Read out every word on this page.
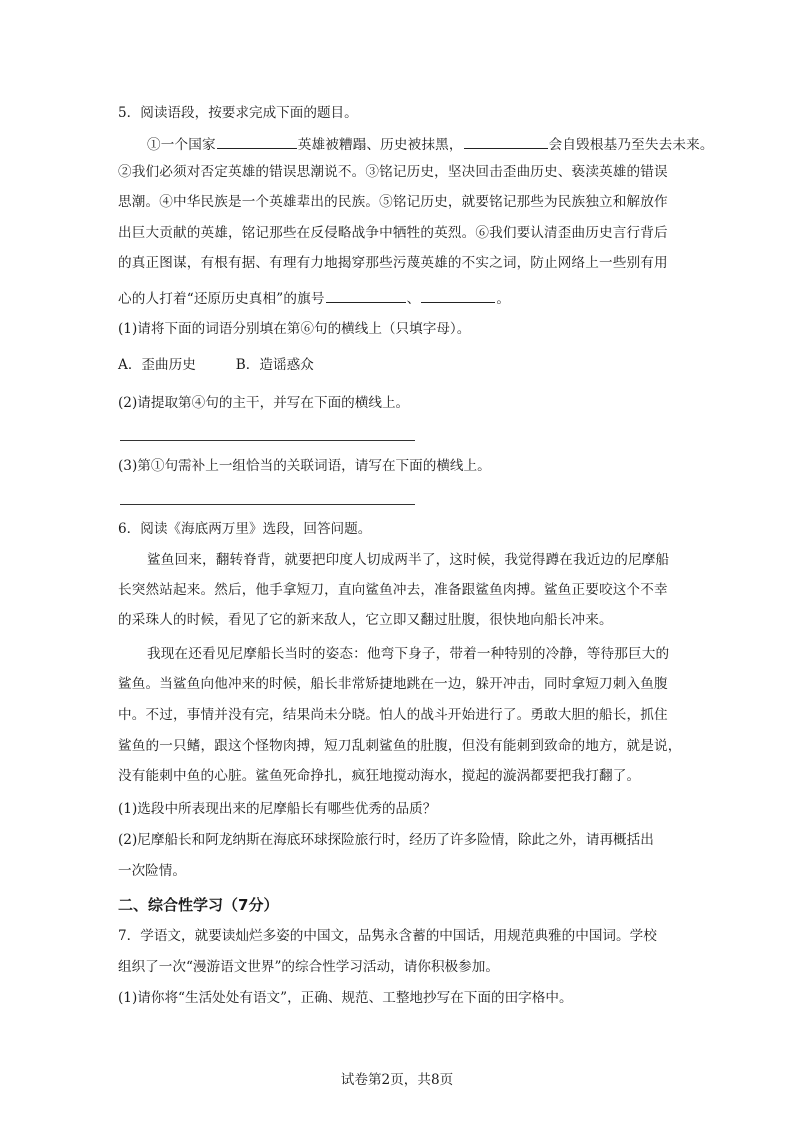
5．阅读语段，按要求完成下面的题目。
①一个国家	英雄被糟蹋、历史被抹黑，	会自毁根基乃至失去未来。
②我们必须对否定英雄的错误思潮说不。③铭记历史，坚决回击歪曲历史、亵渎英雄的错误
思潮。④中华民族是一个英雄辈出的民族。⑤铭记历史，就要铭记那些为民族独立和解放作
出巨大贡献的英雄，铭记那些在反侵略战争中牺牲的英烈。⑥我们要认清歪曲历史言行背后
的真正图谋，有根有据、有理有力地揭穿那些污蔑英雄的不实之词，防止网络上一些别有用
心的人打着“还原历史真相”的旗号	、	。
(1)请将下面的词语分别填在第⑥句的横线上（只填字母）。
A．歪曲历史	B．造谣惑众
(2)请提取第④句的主干，并写在下面的横线上。
(3)第①句需补上一组恰当的关联词语，请写在下面的横线上。
6．阅读《海底两万里》选段，回答问题。
鲨鱼回来，翻转脊背，就要把印度人切成两半了，这时候，我觉得蹲在我近边的尼摩船
长突然站起来。然后，他手拿短刀，直向鲨鱼冲去，准备跟鲨鱼肉搏。鲨鱼正要咬这个不幸
的采珠人的时候，看见了它的新来敌人，它立即又翻过肚腹，很快地向船长冲来。
我现在还看见尼摩船长当时的姿态：他弯下身子，带着一种特别的冷静，等待那巨大的
鲨鱼。当鲨鱼向他冲来的时候，船长非常矫捷地跳在一边，躲开冲击，同时拿短刀刺入鱼腹
中。不过，事情并没有完，结果尚未分晓。怕人的战斗开始进行了。勇敢大胆的船长，抓住
鲨鱼的一只鳍，跟这个怪物肉搏，短刀乱刺鲨鱼的肚腹，但没有能刺到致命的地方，就是说，
没有能刺中鱼的心脏。鲨鱼死命挣扎，疯狂地搅动海水，搅起的漩涡都要把我打翻了。
(1)选段中所表现出来的尼摩船长有哪些优秀的品质？
(2)尼摩船长和阿龙纳斯在海底环球探险旅行时，经历了许多险情，除此之外，请再概括出
一次险情。
二、综合性学习（7分）
7．学语文，就要读灿烂多姿的中国文，品隽永含蓄的中国话，用规范典雅的中国词。学校
组织了一次“漫游语文世界”的综合性学习活动，请你积极参加。
(1)请你将“生活处处有语文”，正确、规范、工整地抄写在下面的田字格中。
试卷第2页，共8页
